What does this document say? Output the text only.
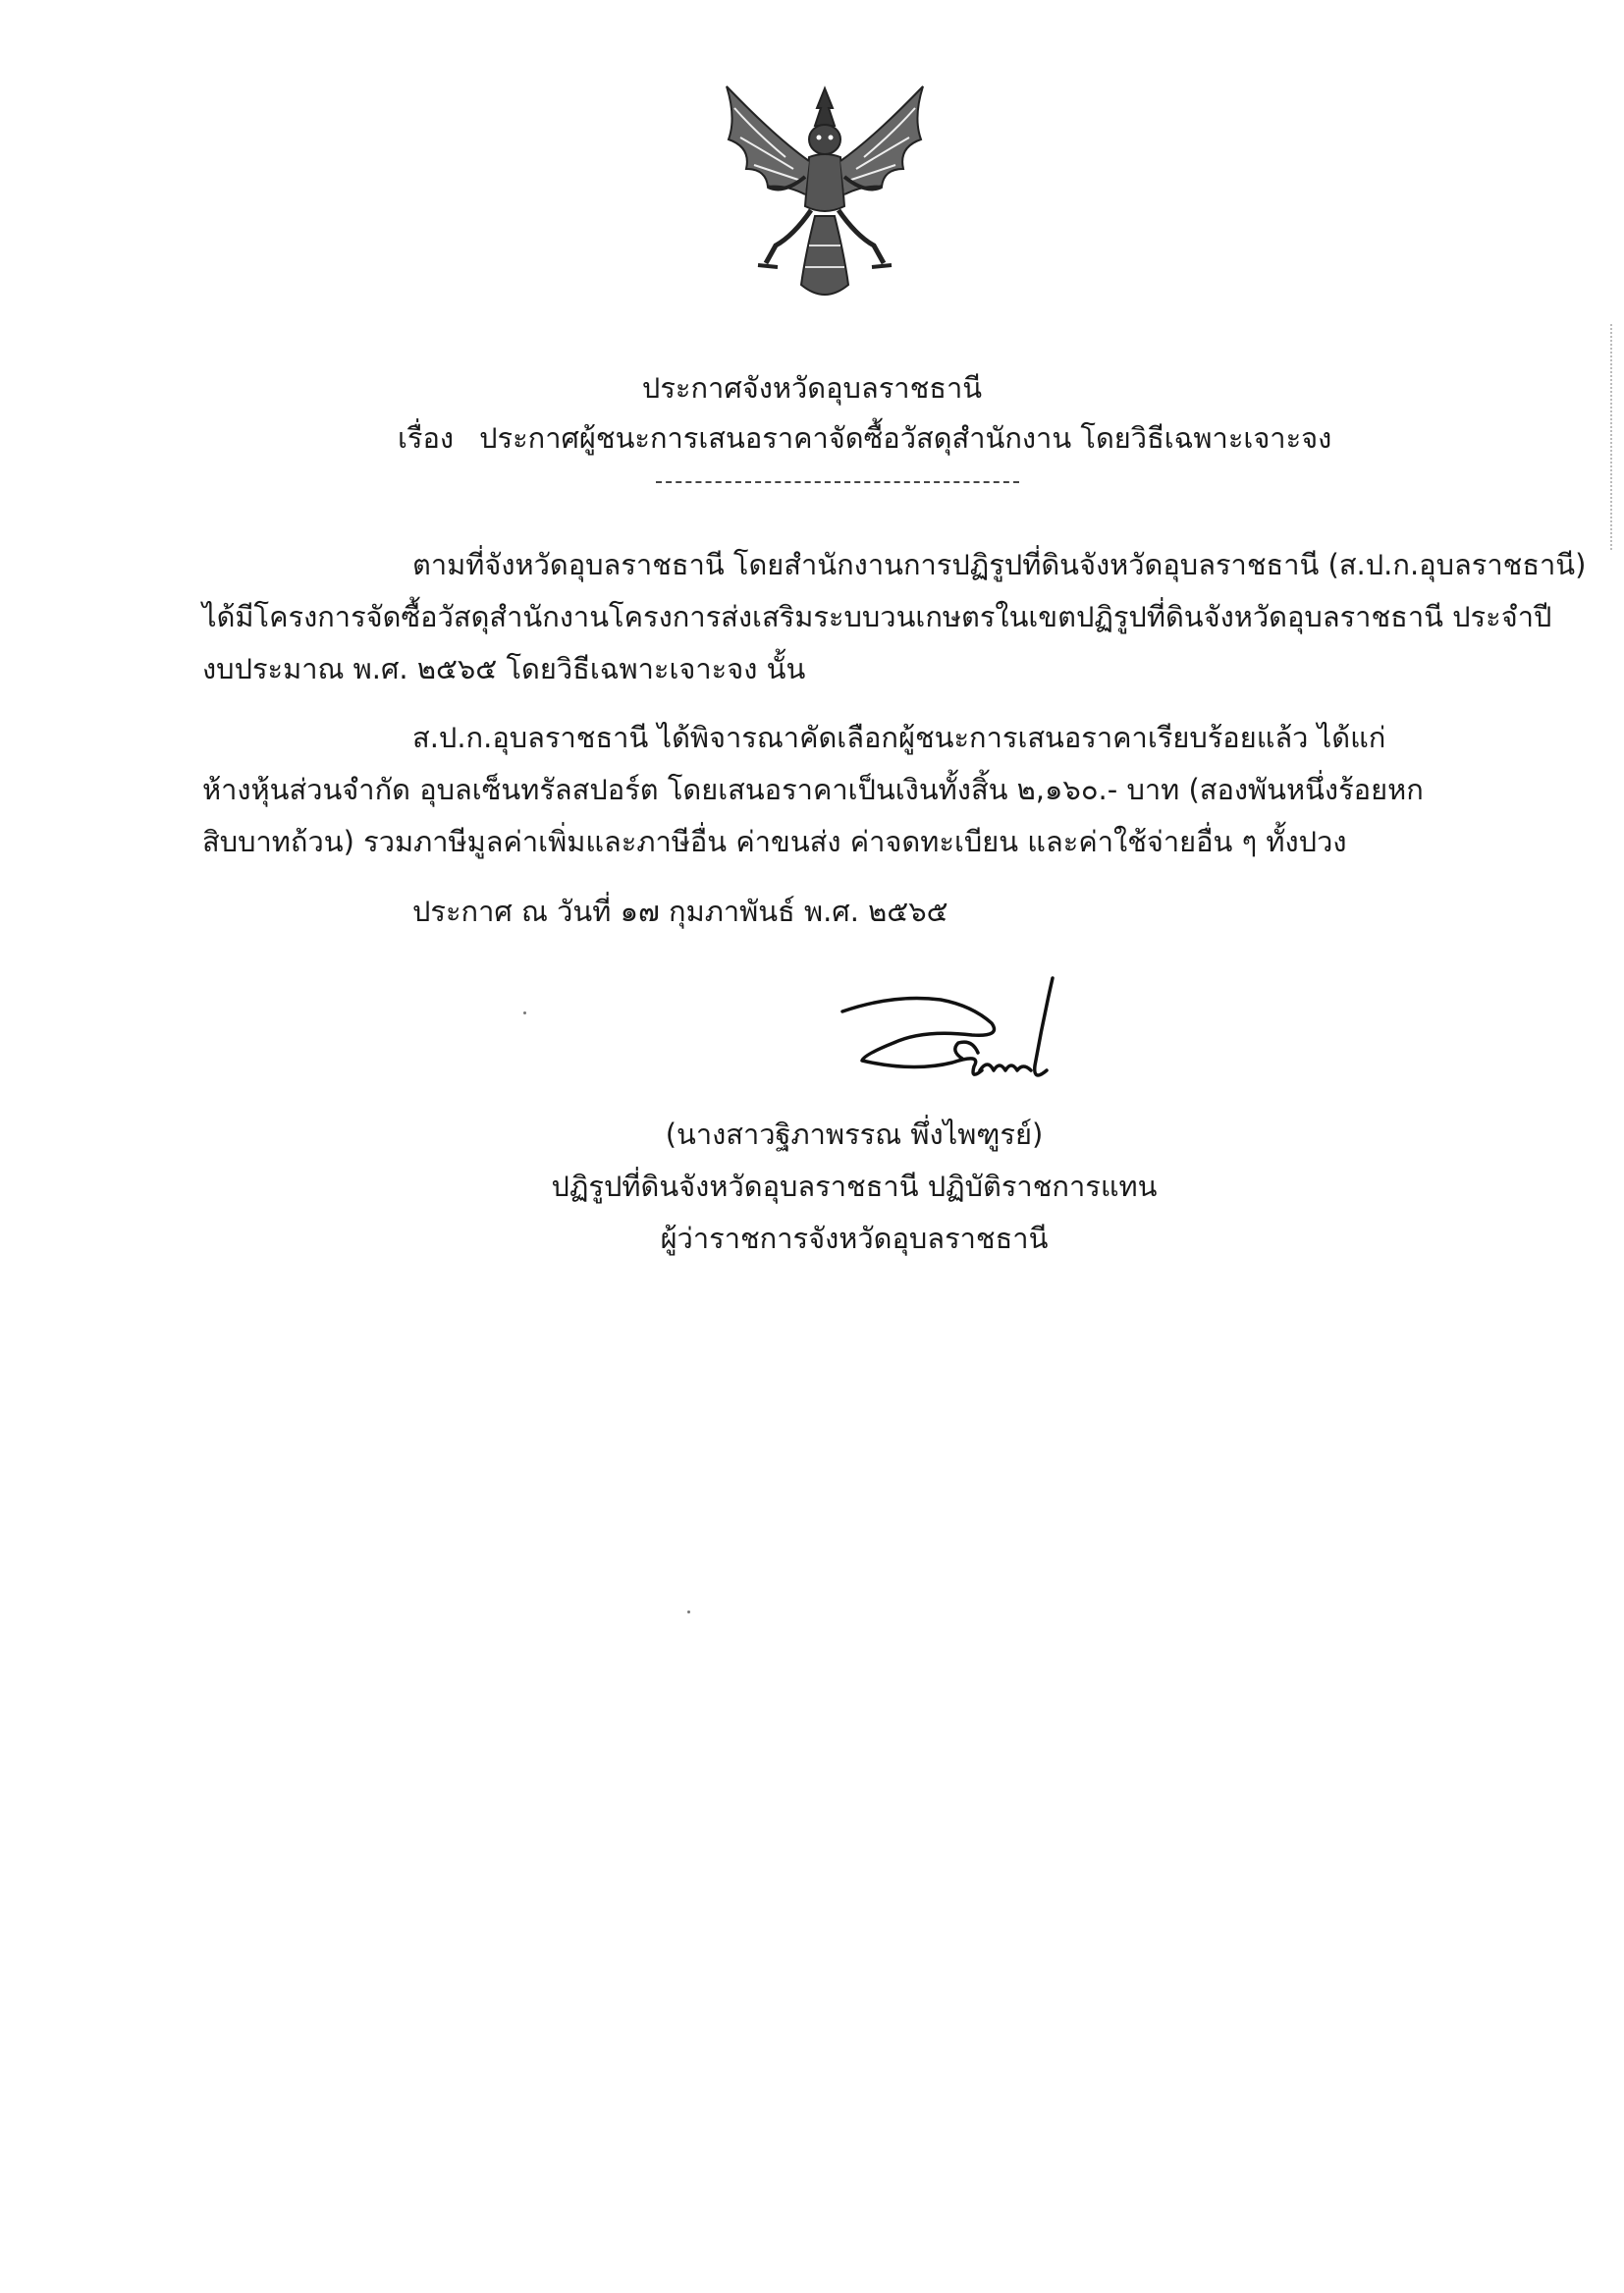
ประกาศจังหวัดอุบลราชธานี
เรื่อง ประกาศผู้ชนะการเสนอราคาจัดซื้อวัสดุสำนักงาน โดยวิธีเฉพาะเจาะจง
ตามที่จังหวัดอุบลราชธานี โดยสำนักงานการปฏิรูปที่ดินจังหวัดอุบลราชธานี (ส.ป.ก.อุบลราชธานี)
ได้มีโครงการจัดซื้อวัสดุสำนักงานโครงการส่งเสริมระบบวนเกษตรในเขตปฏิรูปที่ดินจังหวัดอุบลราชธานี ประจำปี
งบประมาณ พ.ศ. ๒๕๖๕ โดยวิธีเฉพาะเจาะจง นั้น
ส.ป.ก.อุบลราชธานี ได้พิจารณาคัดเลือกผู้ชนะการเสนอราคาเรียบร้อยแล้ว ได้แก่
ห้างหุ้นส่วนจำกัด อุบลเซ็นทรัลสปอร์ต โดยเสนอราคาเป็นเงินทั้งสิ้น ๒,๑๖๐.- บาท (สองพันหนึ่งร้อยหก
สิบบาทถ้วน) รวมภาษีมูลค่าเพิ่มและภาษีอื่น ค่าขนส่ง ค่าจดทะเบียน และค่าใช้จ่ายอื่น ๆ ทั้งปวง
ประกาศ ณ วันที่ ๑๗ กุมภาพันธ์ พ.ศ. ๒๕๖๕
(นางสาวฐิภาพรรณ พึ่งไพฑูรย์)
ปฏิรูปที่ดินจังหวัดอุบลราชธานี ปฏิบัติราชการแทน
ผู้ว่าราชการจังหวัดอุบลราชธานี
